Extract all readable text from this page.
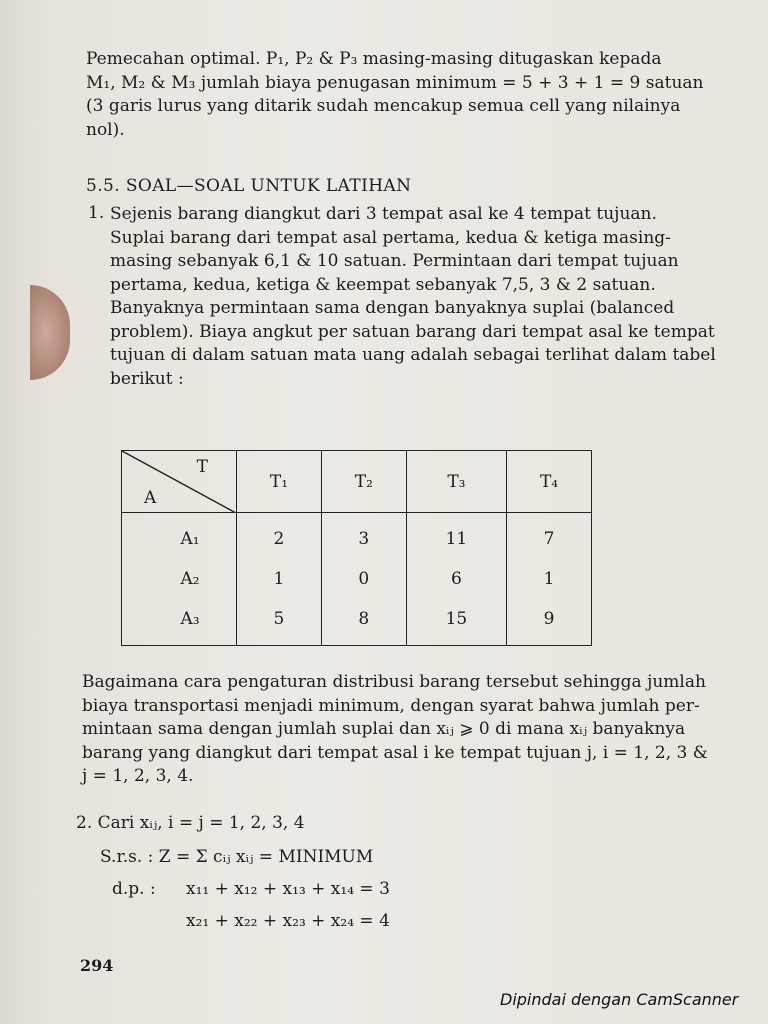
Pemecahan optimal. P₁, P₂ & P₃ masing-masing ditugaskan kepada
M₁, M₂ & M₃ jumlah biaya penugasan minimum = 5 + 3 + 1 = 9 satuan
(3 garis lurus yang ditarik sudah mencakup semua cell yang nilainya
nol).
5.5. SOAL—SOAL UNTUK LATIHAN
1. Sejenis barang diangkut dari 3 tempat asal ke 4 tempat tujuan.
Suplai barang dari tempat asal pertama, kedua & ketiga masing-
masing sebanyak 6,1 & 10 satuan. Permintaan dari tempat tujuan
pertama, kedua, ketiga & keempat sebanyak 7,5, 3 & 2 satuan.
Banyaknya permintaan sama dengan banyaknya suplai (balanced
problem). Biaya angkut per satuan barang dari tempat asal ke tempat
tujuan di dalam satuan mata uang adalah sebagai terlihat dalam tabel
berikut :
T
A	T₁	T₂	T₃	T₄
A₁	2	3	11	7
A₂	1	0	6	1
A₃	5	8	15	9
Bagaimana cara pengaturan distribusi barang tersebut sehingga jumlah
biaya transportasi menjadi minimum, dengan syarat bahwa jumlah per-
mintaan sama dengan jumlah suplai dan xᵢⱼ ⩾ 0 di mana xᵢⱼ banyaknya
barang yang diangkut dari tempat asal i ke tempat tujuan j, i = 1, 2, 3 &
j = 1, 2, 3, 4.
2. Cari xᵢⱼ, i = j = 1, 2, 3, 4
S.r.s. : Z = Σ cᵢⱼ xᵢⱼ = MINIMUM
d.p. : x₁₁ + x₁₂ + x₁₃ + x₁₄ = 3
x₂₁ + x₂₂ + x₂₃ + x₂₄ = 4
294
Dipindai dengan CamScanner
